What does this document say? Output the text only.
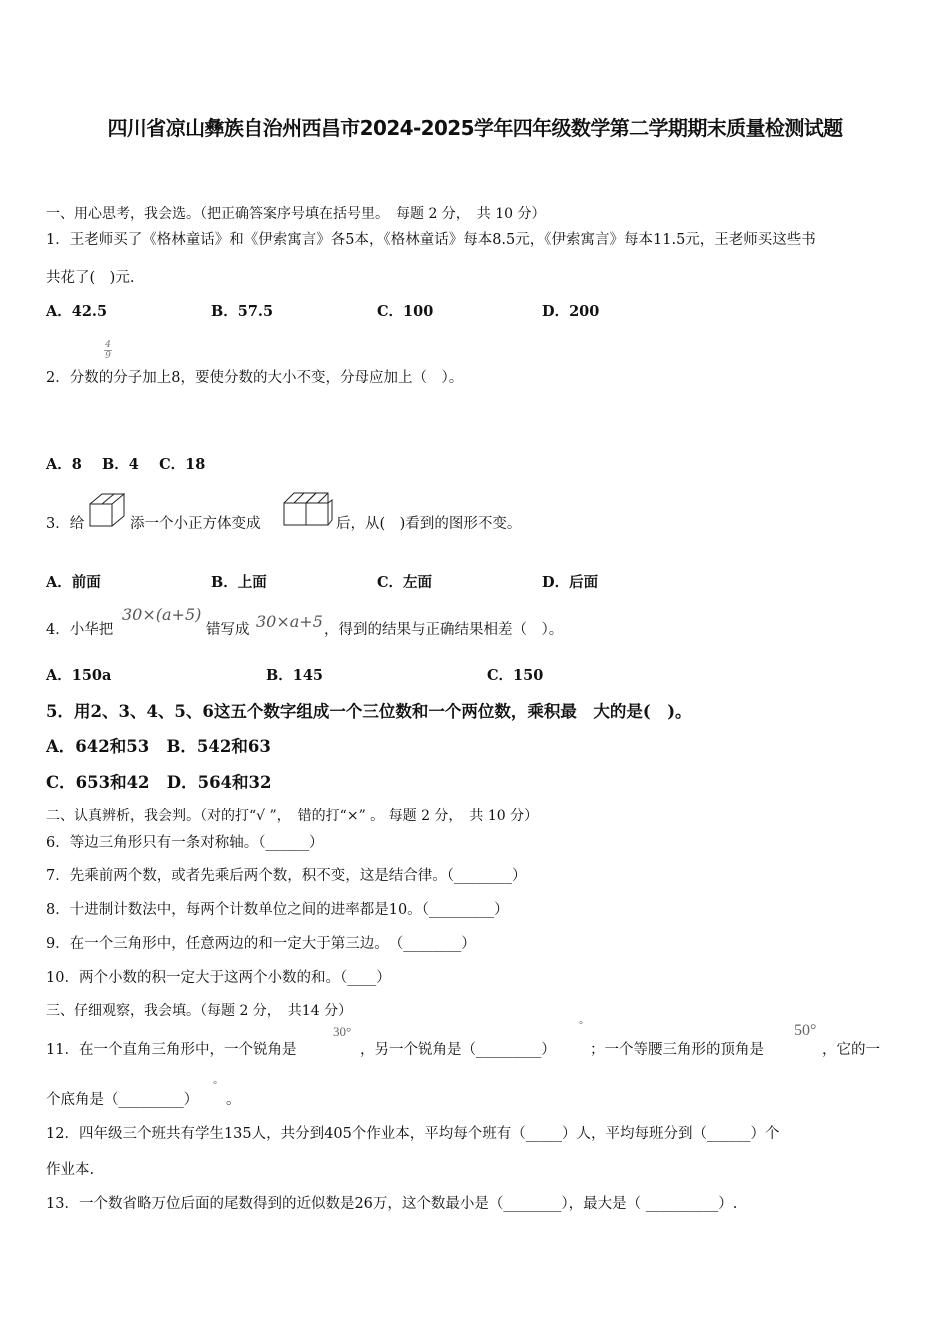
四川省凉山彝族自治州西昌市2024-2025学年四年级数学第二学期期末质量检测试题
一、用心思考，我会选。（把正确答案序号填在括号里。　每题 2 分，　共 10 分）
1．王老师买了《格林童话》和《伊索寓言》各5本，《格林童话》每本8.5元，《伊索寓言》每本11.5元，王老师买这些书
共花了(　)元.
A．42.5	B．57.5	C．100	D．200
2．分数的分子加上8，要使分数的大小不变，分母应加上（　）。
4
9
A．8 B．4 C．18
3．给	添一个小正方体变成	后，从(　)看到的图形不变。
A．前面	B．上面	C．左面	D．后面
4．小华把
30×(a+5)
错写成 30×a+5 ，得到的结果与正确结果相差（　）。
A．150a	B．145	C．150
5．用2、3、4、5、6这五个数字组成一个三位数和一个两位数，乘积最　大的是(　)。
A．642和53 B．542和63
C．653和42 D．564和32
二、认真辨析，我会判。（对的打“√ ”，　错的打“×” 。 每题 2 分，　共 10 分）
6．等边三角形只有一条对称轴。（______）
7．先乘前两个数，或者先乘后两个数，积不变，这是结合律。（________）
8．十进制计数法中，每两个计数单位之间的进率都是10。（_________）
9．在一个三角形中，任意两边的和一定大于第三边。　（________）
10．两个小数的积一定大于这两个小数的和。（____）
三、仔细观察，我会填。（每题 2 分，　共14 分）
11．在一个直角三角形中，一个锐角是
30°
，另一个锐角是（_________）
°
；一个等腰三角形的顶角是
50°
，它的一
个底角是（_________）
°
。
12．四年级三个班共有学生135人，共分到405个作业本，平均每个班有（_____）人，平均每班分到（______）个
作业本.
13．一个数省略万位后面的尾数得到的近似数是26万，这个数最小是（________），最大是（ __________）.
